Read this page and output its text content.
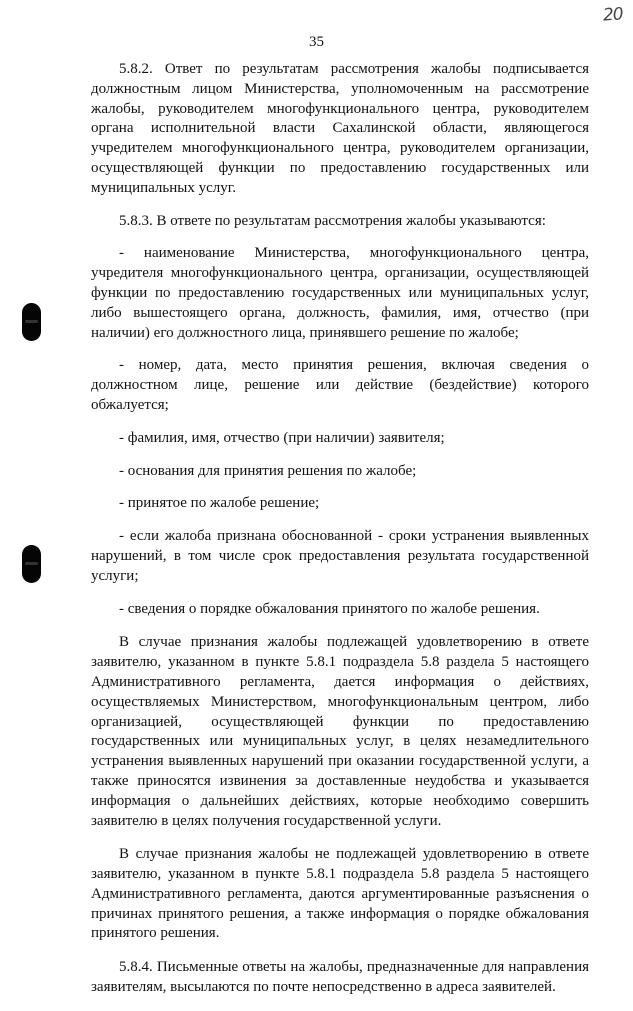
20
35

5.8.2. Ответ по результатам рассмотрения жалобы подписывается должностным лицом Министерства, уполномоченным на рассмотрение жалобы, руководителем многофункционального центра, руководителем органа исполнительной власти Сахалинской области, являющегося учредителем многофункционального центра, руководителем организации, осуществляющей функции по предоставлению государственных или муниципальных услуг.

5.8.3. В ответе по результатам рассмотрения жалобы указываются:

- наименование Министерства, многофункционального центра, учредителя многофункционального центра, организации, осуществляющей функции по предоставлению государственных или муниципальных услуг, либо вышестоящего органа, должность, фамилия, имя, отчество (при наличии) его должностного лица, принявшего решение по жалобе;

- номер, дата, место принятия решения, включая сведения о должностном лице, решение или действие (бездействие) которого обжалуется;

- фамилия, имя, отчество (при наличии) заявителя;

- основания для принятия решения по жалобе;

- принятое по жалобе решение;

- если жалоба признана обоснованной - сроки устранения выявленных нарушений, в том числе срок предоставления результата государственной услуги;

- сведения о порядке обжалования принятого по жалобе решения.

В случае признания жалобы подлежащей удовлетворению в ответе заявителю, указанном в пункте 5.8.1 подраздела 5.8 раздела 5 настоящего Административного регламента, дается информация о действиях, осуществляемых Министерством, многофункциональным центром, либо организацией, осуществляющей функции по предоставлению государственных или муниципальных услуг, в целях незамедлительного устранения выявленных нарушений при оказании государственной услуги, а также приносятся извинения за доставленные неудобства и указывается информация о дальнейших действиях, которые необходимо совершить заявителю в целях получения государственной услуги.

В случае признания жалобы не подлежащей удовлетворению в ответе заявителю, указанном в пункте 5.8.1 подраздела 5.8 раздела 5 настоящего Административного регламента, даются аргументированные разъяснения о причинах принятого решения, а также информация о порядке обжалования принятого решения.

5.8.4. Письменные ответы на жалобы, предназначенные для направления заявителям, высылаются по почте непосредственно в адреса заявителей.
